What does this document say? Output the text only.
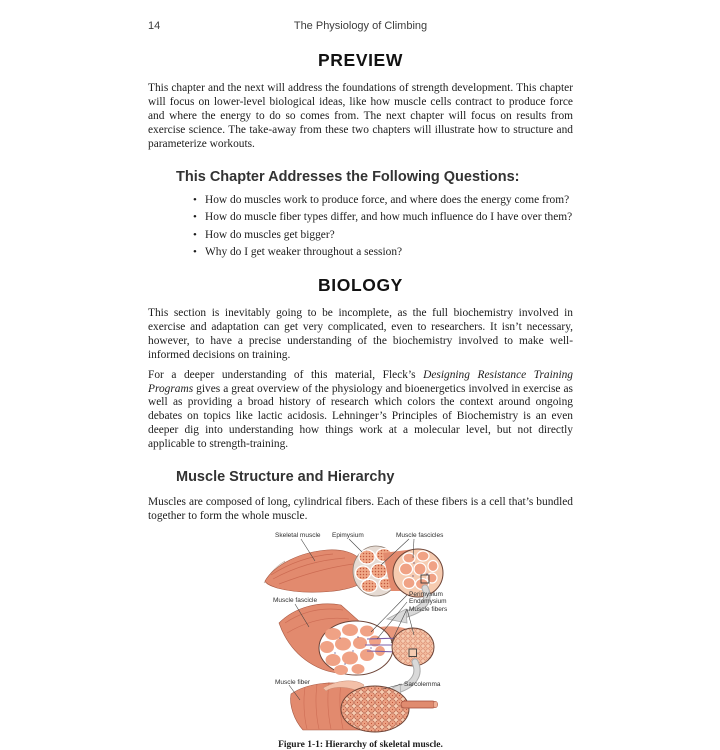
14	The Physiology of Climbing
PREVIEW

This chapter and the next will address the foundations of strength development. This chapter will focus on lower-level biological ideas, like how muscle cells contract to produce force and where the energy to do so comes from. The next chapter will focus on results from exercise science. The take-away from these two chapters will illustrate how to structure and parameterize workouts.

This Chapter Addresses the Following Questions:
• How do muscles work to produce force, and where does the energy come from?
• How do muscle fiber types differ, and how much influence do I have over them?
• How do muscles get bigger?
• Why do I get weaker throughout a session?
BIOLOGY

This section is inevitably going to be incomplete, as the full biochemistry involved in exercise and adaptation can get very complicated, even to researchers. It isn’t necessary, however, to have a precise understanding of the biochemistry involved to make well-informed decisions on training.

For a deeper understanding of this material, Fleck’s Designing Resistance Training Programs gives a great overview of the physiology and bioenergetics involved in exercise as well as providing a broad history of research which colors the context around ongoing debates on topics like lactic acidosis. Lehninger’s Principles of Biochemistry is an even deeper dig into understanding how things work at a molecular level, but not directly applicable to strength-training.

Muscle Structure and Hierarchy

Muscles are composed of long, cylindrical fibers. Each of these fibers is a cell that’s bundled together to form the whole muscle.

Skeletal muscle Epimysium	Muscle fascicles
Muscle fascicle
Perimysium
Endomysium
Muscle fibers
Muscle fiber	Sarcolemma
Figure 1-1: Hierarchy of skeletal muscle.
